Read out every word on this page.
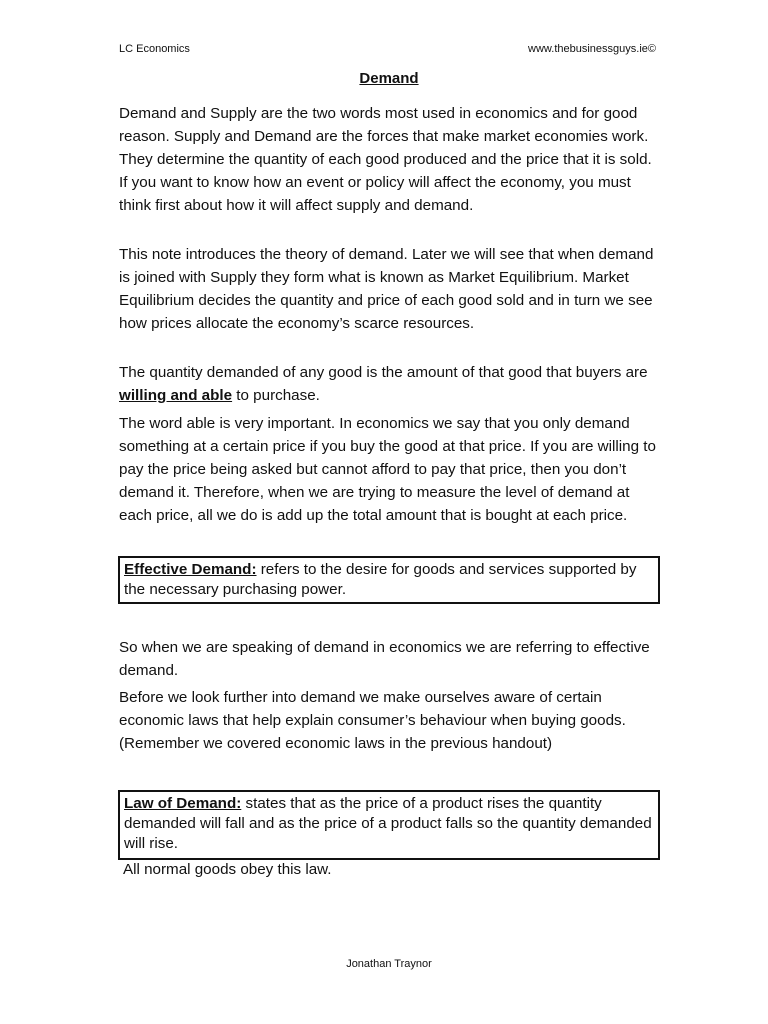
LC Economics	www.thebusinessguys.ie©
Demand

Demand and Supply are the two words most used in economics and for good reason. Supply and Demand are the forces that make market economies work. They determine the quantity of each good produced and the price that it is sold. If you want to know how an event or policy will affect the economy, you must think first about how it will affect supply and demand.

This note introduces the theory of demand. Later we will see that when demand is joined with Supply they form what is known as Market Equilibrium. Market Equilibrium decides the quantity and price of each good sold and in turn we see how prices allocate the economy’s scarce resources.

The quantity demanded of any good is the amount of that good that buyers are willing and able to purchase.

The word able is very important. In economics we say that you only demand something at a certain price if you buy the good at that price. If you are willing to pay the price being asked but cannot afford to pay that price, then you don’t demand it. Therefore, when we are trying to measure the level of demand at each price, all we do is add up the total amount that is bought at each price.

Effective Demand: refers to the desire for goods and services supported by the necessary purchasing power.

So when we are speaking of demand in economics we are referring to effective demand.

Before we look further into demand we make ourselves aware of certain economic laws that help explain consumer’s behaviour when buying goods. (Remember we covered economic laws in the previous handout)

Law of Demand: states that as the price of a product rises the quantity demanded will fall and as the price of a product falls so the quantity demanded will rise.

All normal goods obey this law.

Jonathan Traynor
